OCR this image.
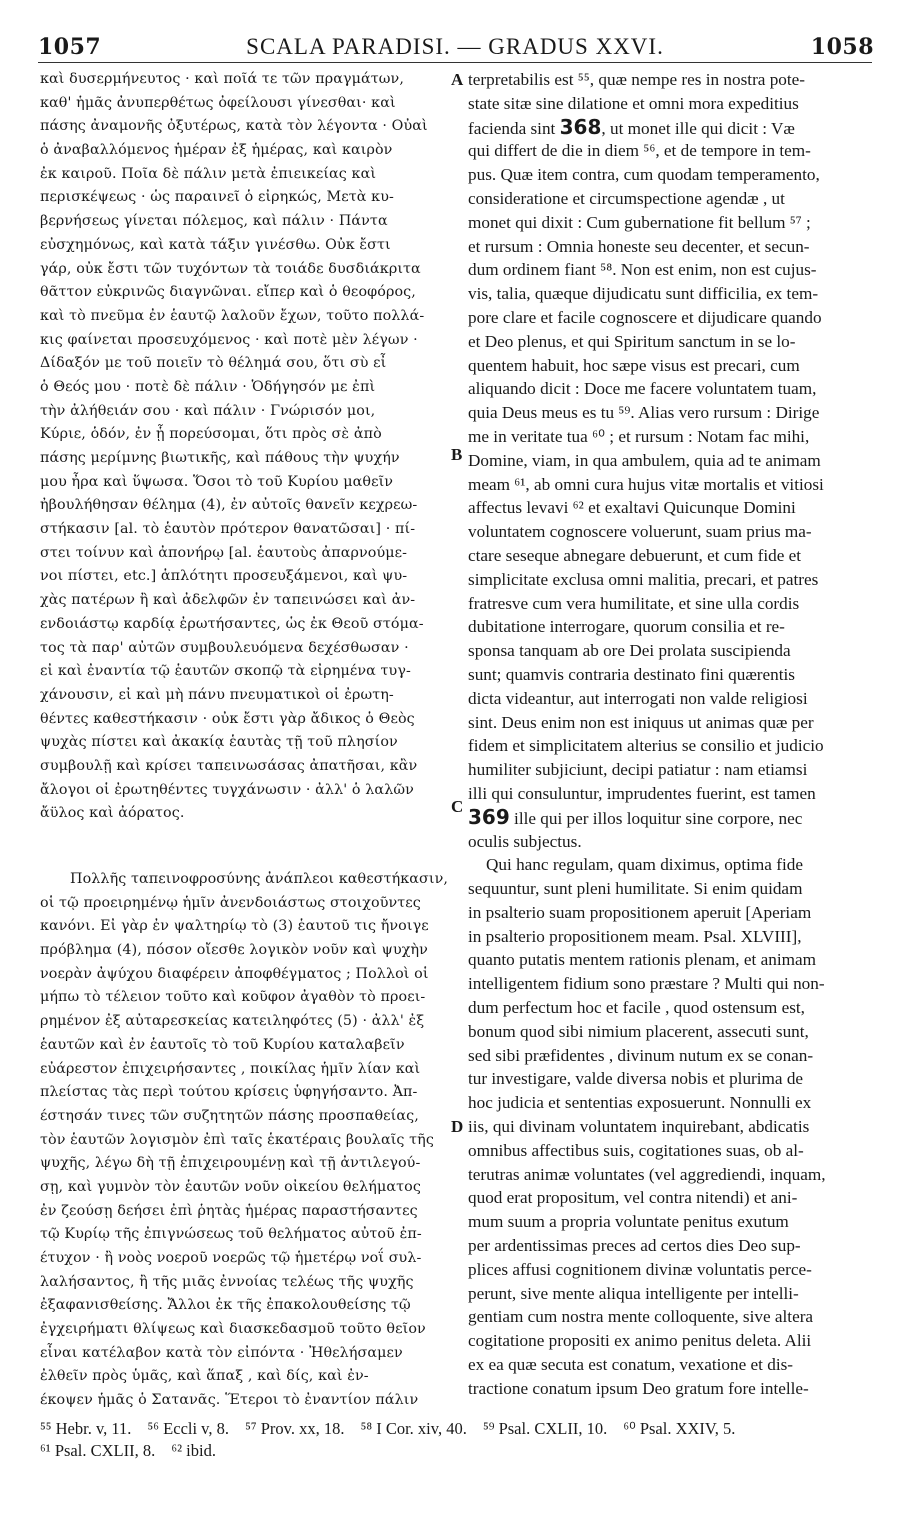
1057	SCALA PARADISI. — GRADUS XXVI.	1058
καὶ δυσερμήνευτος · καὶ ποῖά τε τῶν πραγμάτων,
καθ' ἡμᾶς ἀνυπερθέτως ὀφείλουσι γίνεσθαι· καὶ
πάσης ἀναμονῆς ὀξυτέρως, κατὰ τὸν λέγοντα · Οὐαὶ
ὁ ἀναβαλλόμενος ἡμέραν ἐξ ἡμέρας, καὶ καιρὸν
ἐκ καιροῦ. Ποῖα δὲ πάλιν μετὰ ἐπιεικείας καὶ
περισκέψεως · ὡς παραινεῖ ὁ εἰρηκώς, Μετὰ κυ-
βερνήσεως γίνεται πόλεμος, καὶ πάλιν · Πάντα
εὐσχημόνως, καὶ κατὰ τάξιν γινέσθω. Οὐκ ἔστι
γάρ, οὐκ ἔστι τῶν τυχόντων τὰ τοιάδε δυσδιάκριτα
θᾶττον εὐκρινῶς διαγνῶναι. εἴπερ καὶ ὁ θεοφόρος,
καὶ τὸ πνεῦμα ἐν ἑαυτῷ λαλοῦν ἔχων, τοῦτο πολλά-
κις φαίνεται προσευχόμενος · καὶ ποτὲ μὲν λέγων ·
Δίδαξόν με τοῦ ποιεῖν τὸ θέλημά σου, ὅτι σὺ εἶ
ὁ Θεός μου · ποτὲ δὲ πάλιν · Ὁδήγησόν με ἐπὶ
τὴν ἀλήθειάν σου · καὶ πάλιν · Γνώρισόν μοι,
Κύριε, ὁδόν, ἐν ᾗ πορεύσομαι, ὅτι πρὸς σὲ ἀπὸ
πάσης μερίμνης βιωτικῆς, καὶ πάθους τὴν ψυχήν
μου ἦρα καὶ ὕψωσα. Ὅσοι τὸ τοῦ Κυρίου μαθεῖν
ἠβουλήθησαν θέλημα (4), ἐν αὐτοῖς θανεῖν κεχρεω-
στήκασιν [al. τὸ ἑαυτὸν πρότερον θανατῶσαι] · πί-
στει τοίνυν καὶ ἀπονήρῳ [al. ἑαυτοὺς ἀπαρνούμε-
νοι πίστει, etc.] ἁπλότητι προσευξάμενοι, καὶ ψυ-
χὰς πατέρων ἢ καὶ ἀδελφῶν ἐν ταπεινώσει καὶ ἀν-
ενδοιάστῳ καρδίᾳ ἐρωτήσαντες, ὡς ἐκ Θεοῦ στόμα-
τος τὰ παρ' αὐτῶν συμβουλευόμενα δεχέσθωσαν ·
εἰ καὶ ἐναντία τῷ ἑαυτῶν σκοπῷ τὰ εἰρημένα τυγ-
χάνουσιν, εἰ καὶ μὴ πάνυ πνευματικοὶ οἱ ἐρωτη-
θέντες καθεστήκασιν · οὐκ ἔστι γὰρ ἄδικος ὁ Θεὸς
ψυχὰς πίστει καὶ ἀκακίᾳ ἑαυτὰς τῇ τοῦ πλησίον
συμβουλῇ καὶ κρίσει ταπεινωσάσας ἀπατῆσαι, κἂν
ἄλογοι οἱ ἐρωτηθέντες τυγχάνωσιν · ἀλλ' ὁ λαλῶν
ἄϋλος καὶ ἀόρατος.
Πολλῆς ταπεινοφροσύνης ἀνάπλεοι καθεστήκασιν,
οἱ τῷ προειρημένῳ ἡμῖν ἀνενδοιάστως στοιχοῦντες
κανόνι. Εἰ γὰρ ἐν ψαλτηρίῳ τὸ (3) ἑαυτοῦ τις ἤνοιγε
πρόβλημα (4), πόσον οἴεσθε λογικὸν νοῦν καὶ ψυχὴν
νοερὰν ἀψύχου διαφέρειν ἀποφθέγματος ; Πολλοὶ οἱ
μήπω τὸ τέλειον τοῦτο καὶ κοῦφον ἀγαθὸν τὸ προει-
ρημένον ἐξ αὐταρεσκείας κατειληφότες (5) · ἀλλ' ἐξ
ἑαυτῶν καὶ ἐν ἑαυτοῖς τὸ τοῦ Κυρίου καταλαβεῖν
εὐάρεστον ἐπιχειρήσαντες , ποικίλας ἡμῖν λίαν καὶ
πλείστας τὰς περὶ τούτου κρίσεις ὑφηγήσαντο. Ἀπ-
έστησάν τινες τῶν συζητητῶν πάσης προσπαθείας,
τὸν ἑαυτῶν λογισμὸν ἐπὶ ταῖς ἑκατέραις βουλαῖς τῆς
ψυχῆς, λέγω δὴ τῇ ἐπιχειρουμένῃ καὶ τῇ ἀντιλεγού-
σῃ, καὶ γυμνὸν τὸν ἑαυτῶν νοῦν οἰκείου θελήματος
ἐν ζεούσῃ δεήσει ἐπὶ ῥητὰς ἡμέρας παραστήσαντες
τῷ Κυρίῳ τῆς ἐπιγνώσεως τοῦ θελήματος αὐτοῦ ἐπ-
έτυχον · ἢ νοὸς νοεροῦ νοερῶς τῷ ἡμετέρῳ νοΐ συλ-
λαλήσαντος, ἢ τῆς μιᾶς ἐννοίας τελέως τῆς ψυχῆς
ἐξαφανισθείσης. Ἄλλοι ἐκ τῆς ἐπακολουθείσης τῷ
ἐγχειρήματι θλίψεως καὶ διασκεδασμοῦ τοῦτο θεῖον
εἶναι κατέλαβον κατὰ τὸν εἰπόντα · Ἠθελήσαμεν
ἐλθεῖν πρὸς ὑμᾶς, καὶ ἅπαξ , καὶ δίς, καὶ ἐν-
έκοψεν ἡμᾶς ὁ Σατανᾶς. Ἕτεροι τὸ ἐναντίον πάλιν
terpretabilis est ⁵⁵, quæ nempe res in nostra pote-
state sitæ sine dilatione et omni mora expeditius
facienda sint 368, ut monet ille qui dicit : Væ
qui differt de die in diem ⁵⁶, et de tempore in tem-
pus. Quæ item contra, cum quodam temperamento,
consideratione et circumspectione agendæ , ut
monet qui dixit : Cum gubernatione fit bellum ⁵⁷ ;
et rursum : Omnia honeste seu decenter, et secun-
dum ordinem fiant ⁵⁸. Non est enim, non est cujus-
vis, talia, quæque dijudicatu sunt difficilia, ex tem-
pore clare et facile cognoscere et dijudicare quando
et Deo plenus, et qui Spiritum sanctum in se lo-
quentem habuit, hoc sæpe visus est precari, cum
aliquando dicit : Doce me facere voluntatem tuam,
quia Deus meus es tu ⁵⁹. Alias vero rursum : Dirige
me in veritate tua ⁶⁰ ; et rursum : Notam fac mihi,
Domine, viam, in qua ambulem, quia ad te animam
meam ⁶¹, ab omni cura hujus vitæ mortalis et vitiosi
affectus levavi ⁶² et exaltavi Quicunque Domini
voluntatem cognoscere voluerunt, suam prius ma-
ctare seseque abnegare debuerunt, et cum fide et
simplicitate exclusa omni malitia, precari, et patres
fratresve cum vera humilitate, et sine ulla cordis
dubitatione interrogare, quorum consilia et re-
sponsa tanquam ab ore Dei prolata suscipienda
sunt; quamvis contraria destinato fini quærentis
dicta videantur, aut interrogati non valde religiosi
sint. Deus enim non est iniquus ut animas quæ per
fidem et simplicitatem alterius se consilio et judicio
humiliter subjiciunt, decipi patiatur : nam etiamsi
illi qui consuluntur, imprudentes fuerint, est tamen
369 ille qui per illos loquitur sine corpore, nec
oculis subjectus.
Qui hanc regulam, quam diximus, optima fide
sequuntur, sunt pleni humilitate. Si enim quidam
in psalterio suam propositionem aperuit [Aperiam
in psalterio propositionem meam. Psal. XLVIII],
quanto putatis mentem rationis plenam, et animam
intelligentem fidium sono præstare ? Multi qui non-
dum perfectum hoc et facile , quod ostensum est,
bonum quod sibi nimium placerent, assecuti sunt,
sed sibi præfidentes , divinum nutum ex se conan-
tur investigare, valde diversa nobis et plurima de
hoc judicia et sententias exposuerunt. Nonnulli ex
iis, qui divinam voluntatem inquirebant, abdicatis
omnibus affectibus suis, cogitationes suas, ob al-
terutras animæ voluntates (vel aggrediendi, inquam,
quod erat propositum, vel contra nitendi) et ani-
mum suum a propria voluntate penitus exutum
per ardentissimas preces ad certos dies Deo sup-
plices affusi cognitionem divinæ voluntatis perce-
perunt, sive mente aliqua intelligente per intelli-
gentiam cum nostra mente colloquente, sive altera
cogitatione propositi ex animo penitus deleta. Alii
ex ea quæ secuta est conatum, vexatione et dis-
tractione conatum ipsum Deo gratum fore intelle-
A
B
C
D
⁵⁵ Hebr. v, 11. ⁵⁶ Eccli v, 8. ⁵⁷ Prov. xx, 18. ⁵⁸ I Cor. xiv, 40. ⁵⁹ Psal. CXLII, 10. ⁶⁰ Psal. XXIV, 5.
⁶¹ Psal. CXLII, 8. ⁶² ibid.
